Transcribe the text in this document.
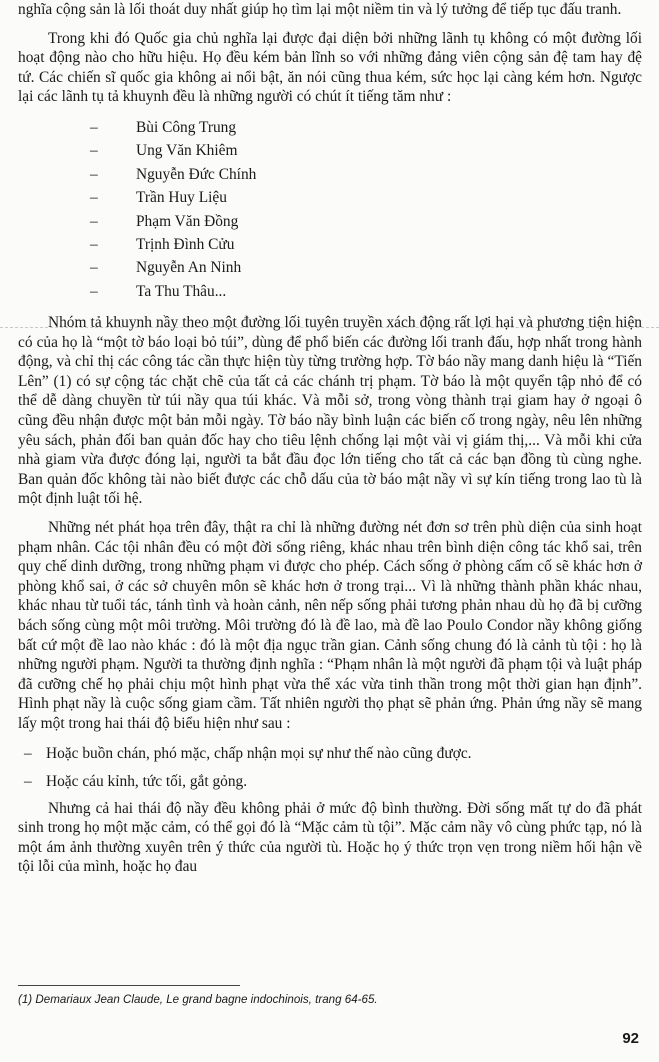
nghĩa cộng sản là lối thoát duy nhất giúp họ tìm lại một niềm tin và lý tưởng để tiếp tục đấu tranh.

Trong khi đó Quốc gia chủ nghĩa lại được đại diện bởi những lãnh tụ không có một đường lối hoạt động nào cho hữu hiệu. Họ đều kém bản lĩnh so với những đảng viên cộng sản đệ tam hay đệ tứ. Các chiến sĩ quốc gia không ai nổi bật, ăn nói cũng thua kém, sức học lại càng kém hơn. Ngược lại các lãnh tụ tả khuynh đều là những người có chút ít tiếng tăm như :

– Bùi Công Trung
– Ung Văn Khiêm
– Nguyễn Đức Chính
– Trần Huy Liệu
– Phạm Văn Đồng
– Trịnh Đình Cửu
– Nguyễn An Ninh
– Ta Thu Thâu...

Nhóm tả khuynh nầy theo một đường lối tuyên truyền xách động rất lợi hại và phương tiện hiện có của họ là “một tờ báo loại bỏ túi”, dùng để phổ biến các đường lối tranh đấu, hợp nhất trong hành động, và chỉ thị các công tác cần thực hiện tùy từng trường hợp. Tờ báo nầy mang danh hiệu là “Tiến Lên” (1) có sự cộng tác chặt chẽ của tất cả các chánh trị phạm. Tờ báo là một quyển tập nhỏ để có thể dễ dàng chuyền từ túi nầy qua túi khác. Và mỗi sở, trong vòng thành trại giam hay ở ngoại ô cũng đều nhận được một bản mỗi ngày. Tờ báo nầy bình luận các biến cố trong ngày, nêu lên những yêu sách, phản đối ban quản đốc hay cho tiêu lệnh chống lại một vài vị giám thị,... Và mỗi khi cửa nhà giam vừa được đóng lại, người ta bắt đầu đọc lớn tiếng cho tất cả các bạn đồng tù cùng nghe. Ban quản đốc không tài nào biết được các chỗ dấu của tờ báo mật nầy vì sự kín tiếng trong lao tù là một định luật tối hệ.

Những nét phát họa trên đây, thật ra chỉ là những đường nét đơn sơ trên phù diện của sinh hoạt phạm nhân. Các tội nhân đều có một đời sống riêng, khác nhau trên bình diện công tác khổ sai, trên quy chế dinh dưỡng, trong những phạm vi được cho phép. Cách sống ở phòng cấm cố sẽ khác hơn ở phòng khổ sai, ở các sở chuyên môn sẽ khác hơn ở trong trại... Vì là những thành phần khác nhau, khác nhau từ tuổi tác, tánh tình và hoàn cảnh, nên nếp sống phải tương phản nhau dù họ đã bị cưỡng bách sống cùng một môi trường. Môi trường đó là đề lao, mà đề lao Poulo Condor nầy không giống bất cứ một đề lao nào khác : đó là một địa ngục trần gian. Cảnh sống chung đó là cảnh tù tội : họ là những người phạm. Người ta thường định nghĩa : “Phạm nhân là một người đã phạm tội và luật pháp đã cưỡng chế họ phải chịu một hình phạt vừa thể xác vừa tinh thần trong một thời gian hạn định”. Hình phạt nầy là cuộc sống giam cầm. Tất nhiên người thọ phạt sẽ phản ứng. Phản ứng nầy sẽ mang lấy một trong hai thái độ biểu hiện như sau :

– Hoặc buồn chán, phó mặc, chấp nhận mọi sự như thế nào cũng được.
– Hoặc cáu kỉnh, tức tối, gắt gỏng.

Nhưng cả hai thái độ nầy đều không phải ở mức độ bình thường. Đời sống mất tự do đã phát sinh trong họ một mặc cảm, có thể gọi đó là “Mặc cảm tù tội”. Mặc cảm nầy vô cùng phức tạp, nó là một ám ảnh thường xuyên trên ý thức của người tù. Hoặc họ ý thức trọn vẹn trong niềm hối hận về tội lỗi của mình, hoặc họ đau

(1) Demariaux Jean Claude, Le grand bagne indochinois, trang 64-65.
92
